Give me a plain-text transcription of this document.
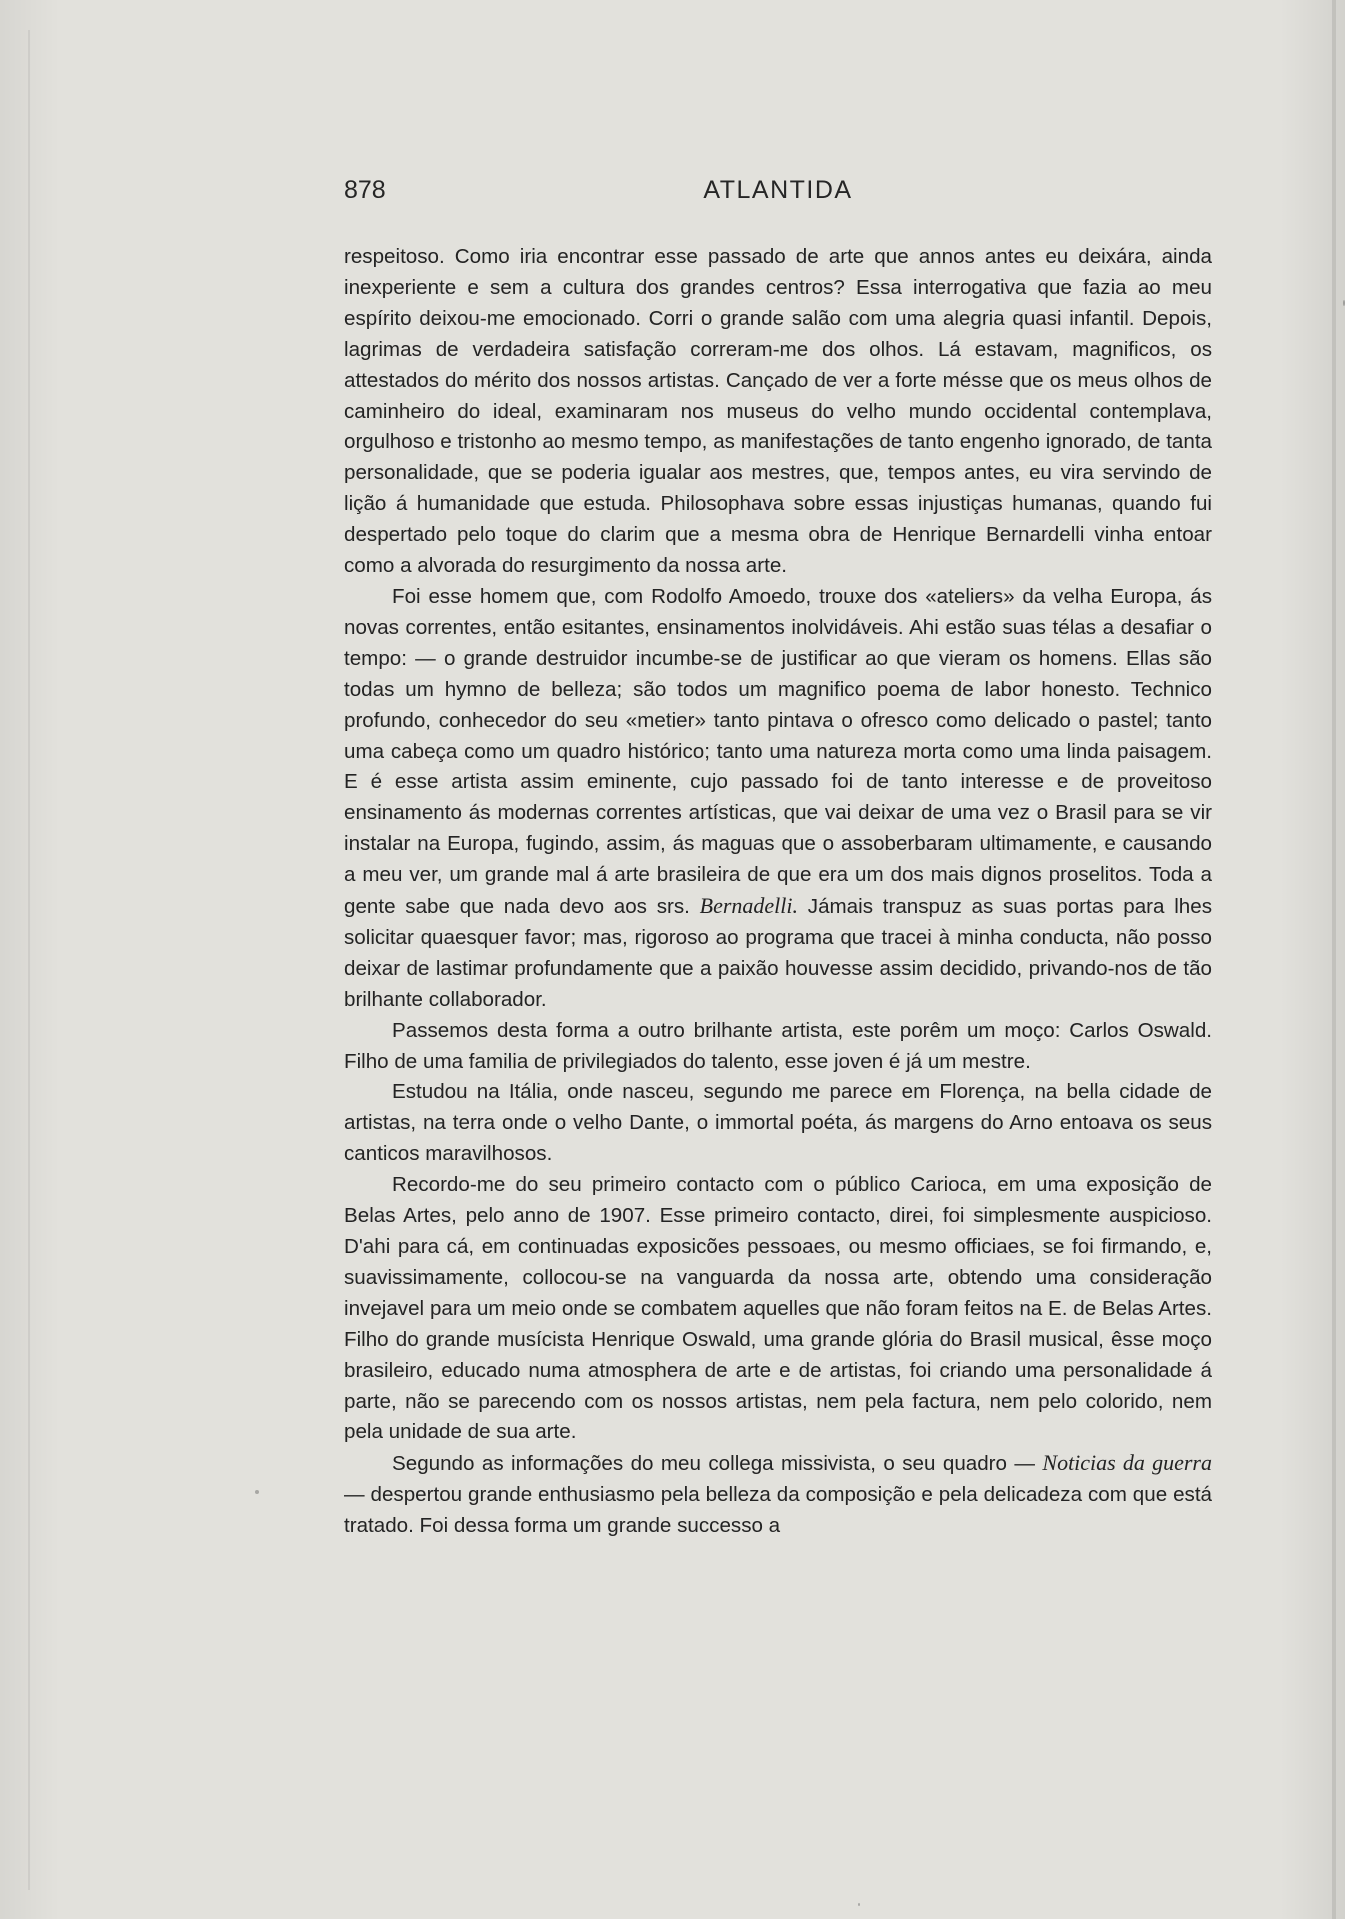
878	ATLANTIDA

respeitoso. Como iria encontrar esse passado de arte que annos antes eu deixára, ainda inexperiente e sem a cultura dos grandes centros? Essa interrogativa que fazia ao meu espírito deixou-me emocionado. Corri o grande salão com uma alegria quasi infantil. Depois, lagrimas de verdadeira satisfação correram-me dos olhos. Lá estavam, magnificos, os attestados do mérito dos nossos artistas. Cançado de ver a forte mésse que os meus olhos de caminheiro do ideal, examinaram nos museus do velho mundo occidental contemplava, orgulhoso e tristonho ao mesmo tempo, as manifestações de tanto engenho ignorado, de tanta personalidade, que se poderia igualar aos mestres, que, tempos antes, eu vira servindo de lição á humanidade que estuda. Philosophava sobre essas injustiças humanas, quando fui despertado pelo toque do clarim que a mesma obra de Henrique Bernardelli vinha entoar como a alvorada do resurgimento da nossa arte.

Foi esse homem que, com Rodolfo Amoedo, trouxe dos «ateliers» da velha Europa, ás novas correntes, então esitantes, ensinamentos inolvidáveis. Ahi estão suas télas a desafiar o tempo: — o grande destruidor incumbe-se de justificar ao que vieram os homens. Ellas são todas um hymno de belleza; são todos um magnifico poema de labor honesto. Technico profundo, conhecedor do seu «metier» tanto pintava o ofresco como delicado o pastel; tanto uma cabeça como um quadro histórico; tanto uma natureza morta como uma linda paisagem. E é esse artista assim eminente, cujo passado foi de tanto interesse e de proveitoso ensinamento ás modernas correntes artísticas, que vai deixar de uma vez o Brasil para se vir instalar na Europa, fugindo, assim, ás maguas que o assoberbaram ultimamente, e causando a meu ver, um grande mal á arte brasileira de que era um dos mais dignos proselitos. Toda a gente sabe que nada devo aos srs. Bernadelli. Jámais transpuz as suas portas para lhes solicitar quaesquer favor; mas, rigoroso ao programa que tracei à minha conducta, não posso deixar de lastimar profundamente que a paixão houvesse assim decidido, privando-nos de tão brilhante collaborador.

Passemos desta forma a outro brilhante artista, este porêm um moço: Carlos Oswald. Filho de uma familia de privilegiados do talento, esse joven é já um mestre.

Estudou na Itália, onde nasceu, segundo me parece em Florença, na bella cidade de artistas, na terra onde o velho Dante, o immortal poéta, ás margens do Arno entoava os seus canticos maravilhosos.

Recordo-me do seu primeiro contacto com o público Carioca, em uma exposição de Belas Artes, pelo anno de 1907. Esse primeiro contacto, direi, foi simplesmente auspicioso. D'ahi para cá, em continuadas exposicões pessoaes, ou mesmo officiaes, se foi firmando, e, suavissimamente, collocou-se na vanguarda da nossa arte, obtendo uma consideração invejavel para um meio onde se combatem aquelles que não foram feitos na E. de Belas Artes. Filho do grande musícista Henrique Oswald, uma grande glória do Brasil musical, êsse moço brasileiro, educado numa atmosphera de arte e de artistas, foi criando uma personalidade á parte, não se parecendo com os nossos artistas, nem pela factura, nem pelo colorido, nem pela unidade de sua arte.

Segundo as informações do meu collega missivista, o seu quadro — Noticias da guerra — despertou grande enthusiasmo pela belleza da composição e pela delicadeza com que está tratado. Foi dessa forma um grande successo a
